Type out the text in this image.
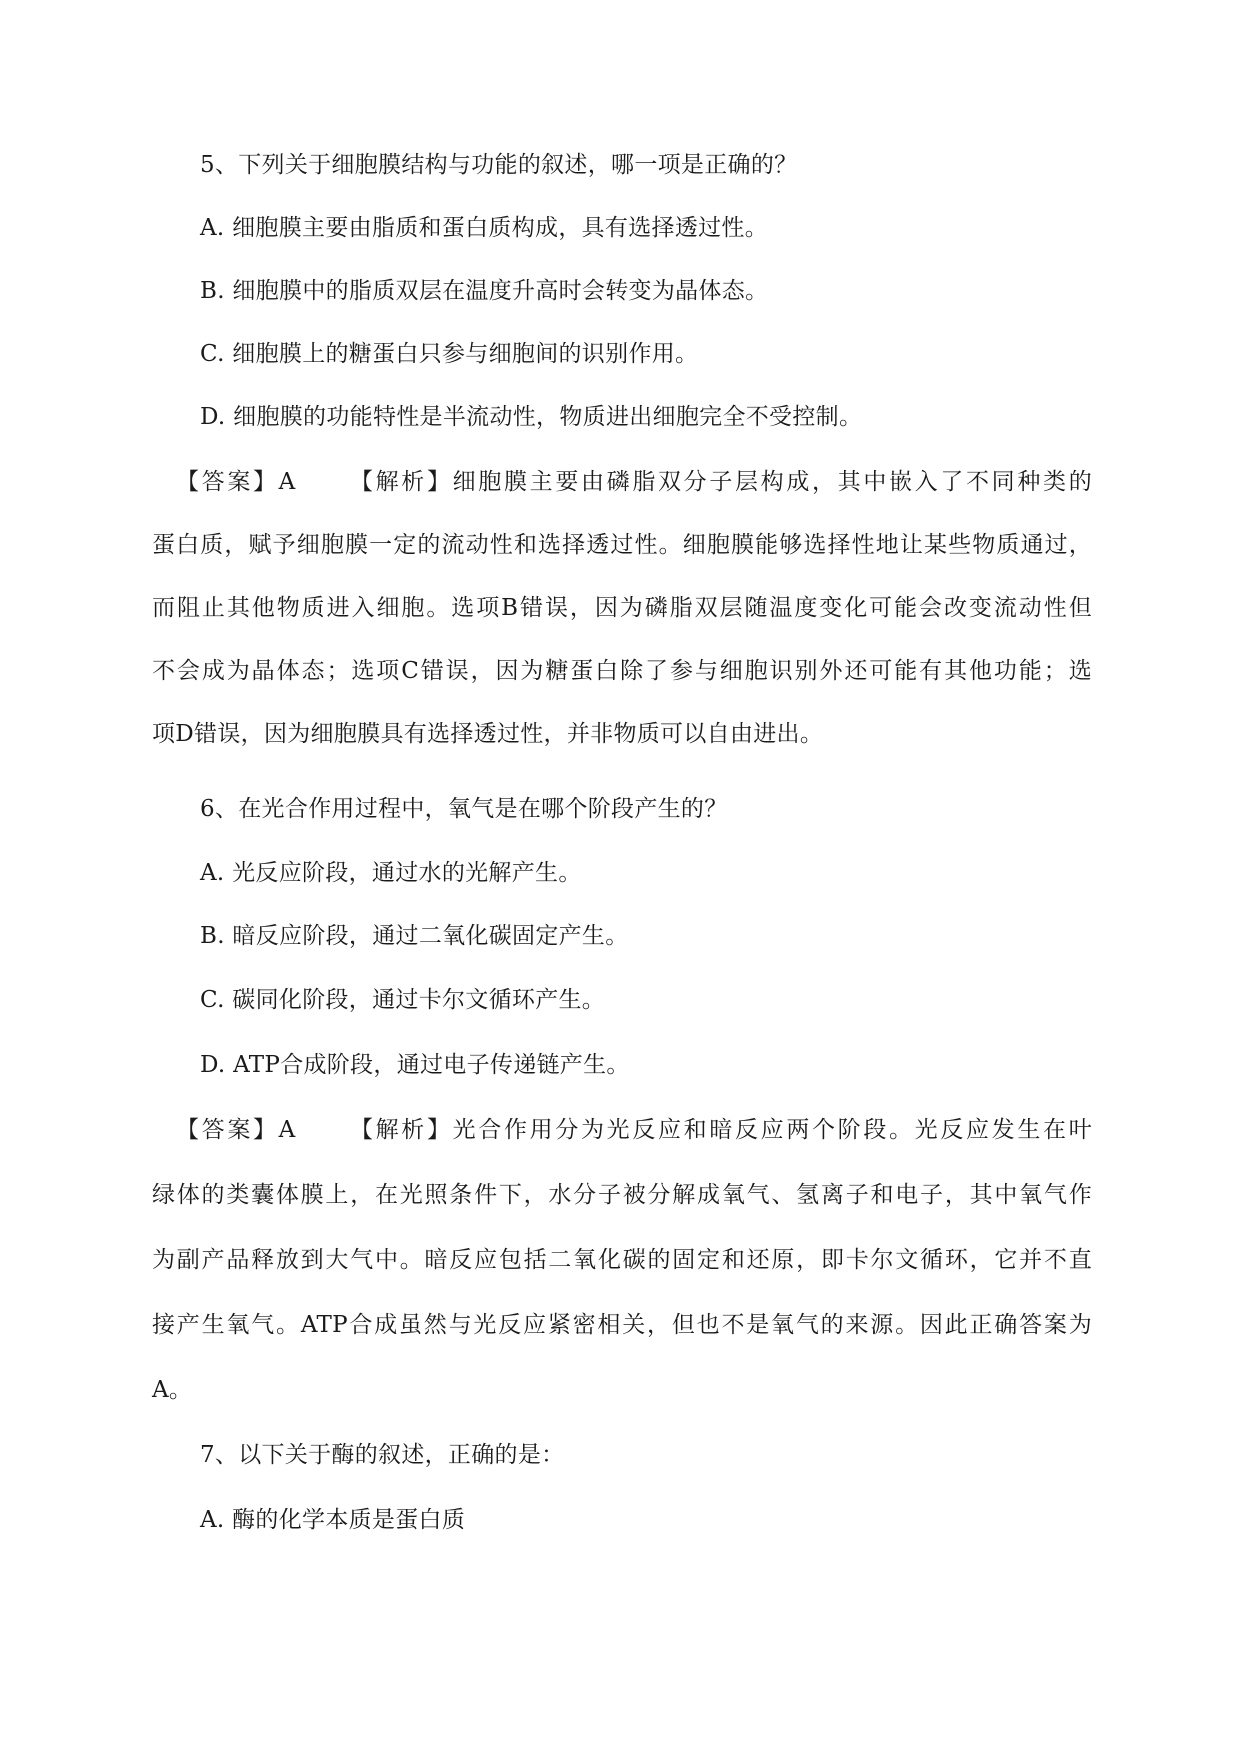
5、下列关于细胞膜结构与功能的叙述，哪一项是正确的？
A. 细胞膜主要由脂质和蛋白质构成，具有选择透过性。
B. 细胞膜中的脂质双层在温度升高时会转变为晶体态。
C. 细胞膜上的糖蛋白只参与细胞间的识别作用。
D. 细胞膜的功能特性是半流动性，物质进出细胞完全不受控制。
【答案】A 【解析】细胞膜主要由磷脂双分子层构成，其中嵌入了不同种类的
蛋白质，赋予细胞膜一定的流动性和选择透过性。细胞膜能够选择性地让某些物质通过，
而阻止其他物质进入细胞。选项B错误，因为磷脂双层随温度变化可能会改变流动性但
不会成为晶体态；选项C错误，因为糖蛋白除了参与细胞识别外还可能有其他功能；选
项D错误，因为细胞膜具有选择透过性，并非物质可以自由进出。
6、在光合作用过程中，氧气是在哪个阶段产生的？
A. 光反应阶段，通过水的光解产生。
B. 暗反应阶段，通过二氧化碳固定产生。
C. 碳同化阶段，通过卡尔文循环产生。
D. ATP合成阶段，通过电子传递链产生。
【答案】A 【解析】光合作用分为光反应和暗反应两个阶段。光反应发生在叶
绿体的类囊体膜上，在光照条件下，水分子被分解成氧气、氢离子和电子，其中氧气作
为副产品释放到大气中。暗反应包括二氧化碳的固定和还原，即卡尔文循环，它并不直
接产生氧气。ATP合成虽然与光反应紧密相关，但也不是氧气的来源。因此正确答案为
A。
7、以下关于酶的叙述，正确的是：
A. 酶的化学本质是蛋白质
